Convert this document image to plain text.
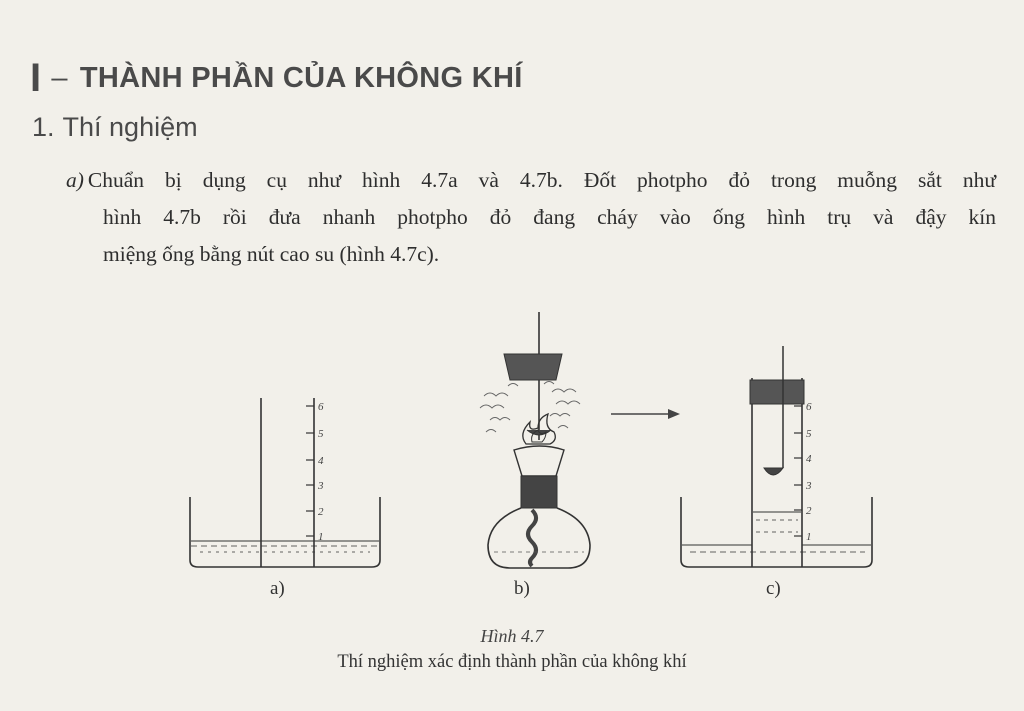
I – THÀNH PHẦN CỦA KHÔNG KHÍ
1. Thí nghiệm
a) Chuẩn bị dụng cụ như hình 4.7a và 4.7b. Đốt photpho đỏ trong muỗng sắt như
hình 4.7b rồi đưa nhanh photpho đỏ đang cháy vào ống hình trụ và đậy kín
miệng ống bằng nút cao su (hình 4.7c).
6
5
4
3
2
1
6
5
4
3
2
1
a)	b)	c)
Hình 4.7
Thí nghiệm xác định thành phần của không khí
